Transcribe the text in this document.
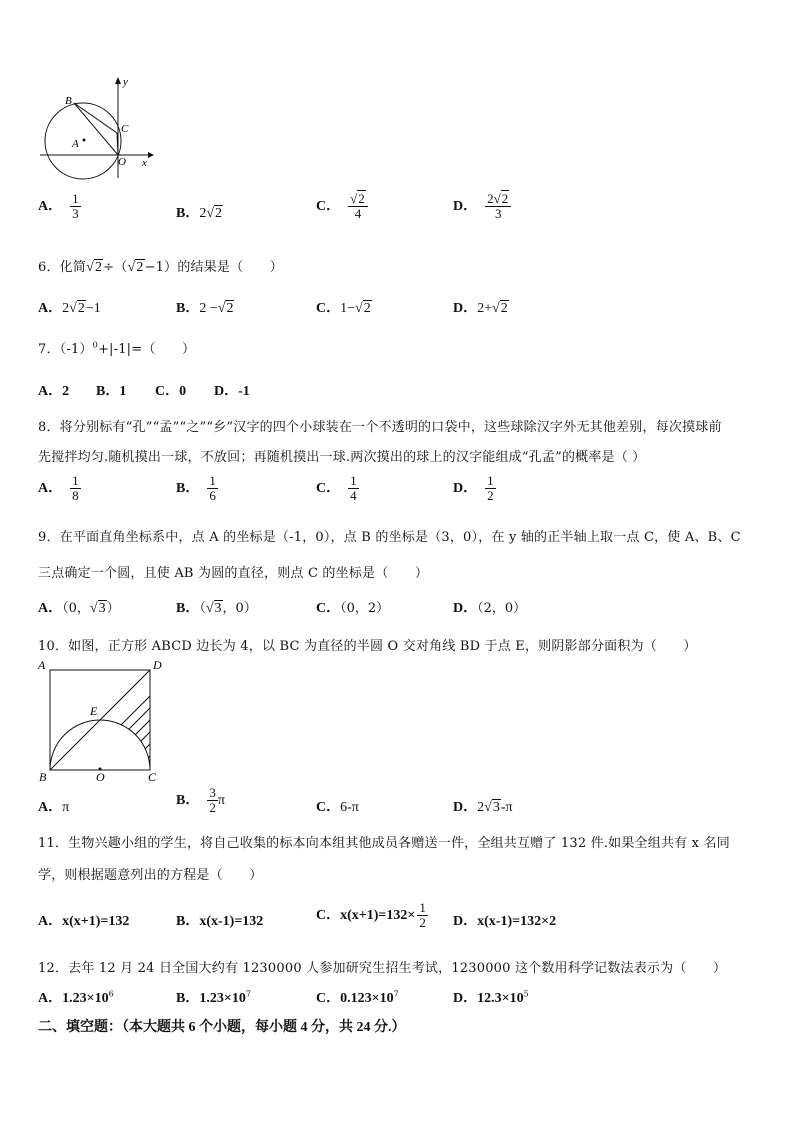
y
x
B
C
A
O
A． $\frac{1}{3}$	B．2√2	C． $\frac{√2}{4}$	D． $\frac{2√2}{3}$
6．化简√2÷（√2−1）的结果是（　　）
A．2√2−1	B．2 −√2	C．1−√2	D．2+√2
7．$(-1)^0+|-1|=$（　　）
A．2 B．1 C．0 D．-1
8．将分别标有“孔”“孟”“之”“乡”汉字的四个小球装在一个不透明的口袋中，这些球除汉字外无其他差别，每次摸球前
先搅拌均匀.随机摸出一球，不放回；再随机摸出一球.两次摸出的球上的汉字能组成“孔孟”的概率是（ ）
A． $\frac{1}{8}$	B． $\frac{1}{6}$	C． $\frac{1}{4}$	D． $\frac{1}{2}$
9．在平面直角坐标系中，点 A 的坐标是（-1，0），点 B 的坐标是（3，0），在 y 轴的正半轴上取一点 C，使 A、B、C
三点确定一个圆，且使 AB 为圆的直径，则点 C 的坐标是（　　）
A．（0，√3）	B．（√3，0）	C．（0，2）	D．（2，0）
10．如图，正方形 ABCD 边长为 4，以 BC 为直径的半圆 O 交对角线 BD 于点 E，则阴影部分面积为（　　）
A	D
E
B	O	C
A．π	B． $\frac{3}{2}$ π	C．6-π	D．2√3-π
11．生物兴趣小组的学生，将自己收集的标本向本组其他成员各赠送一件，全组共互赠了 132 件.如果全组共有 x 名同
学，则根据题意列出的方程是（　　）
A．x(x+1)=132	B．x(x-1)=132	C．$x(x+1)=132\times \frac{1}{2}$ D．x(x-1)=132×2
12．去年 12 月 24 日全国大约有 1230000 人参加研究生招生考试，1230000 这个数用科学记数法表示为（　　）
A．$1.23\times 10^6$	B．$1.23\times 10^7$	C．$0.123\times 10^7$	D．$12.3\times 10^5$
二、填空题：（本大题共 6 个小题，每小题 4 分，共 24 分.）
